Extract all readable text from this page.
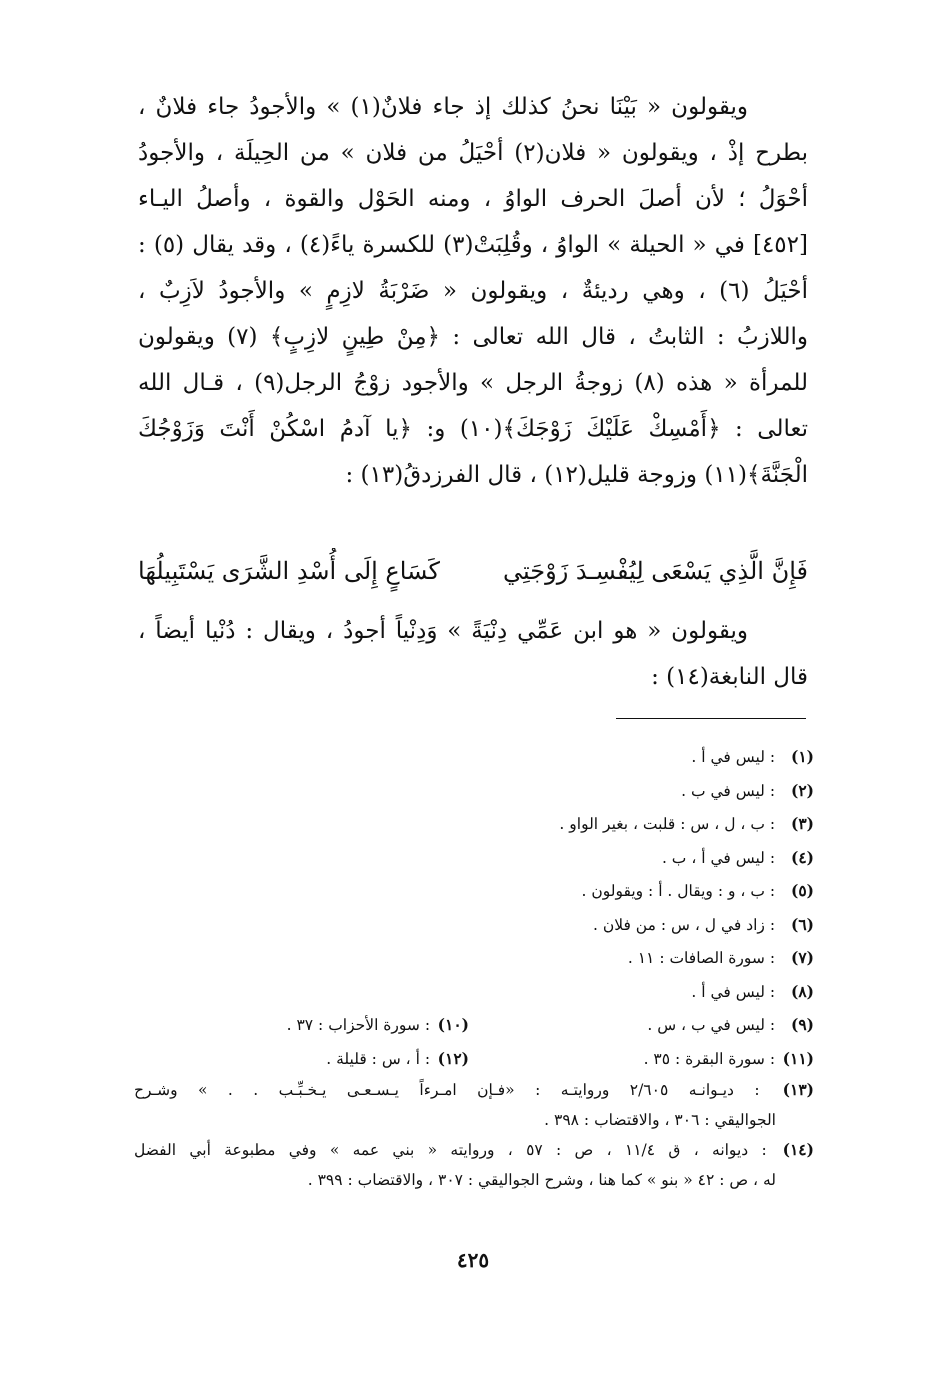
ويقولون « بَيْنَا نحنُ كذلك إذ جاء فلانٌ(١) » والأجودُ جاء فلانٌ ،
بطرح إذْ ، ويقولون « فلان(٢) أحْيَلُ من فلان » من الحِيلَة ، والأجودُ
أحْوَلُ ؛ لأن أصلَ الحرف الواوُ ، ومنه الحَوْل والقوة ، وأصلُ اليـاء
[٤٥٢] في « الحيلة » الواوُ ، وقُلِبَتْ(٣) للكسرة ياءً(٤) ، وقد يقال (٥) :
أحْيَلُ (٦) ، وهي رديئةٌ ، ويقولون « ضَرْبَةُ لازِمٍ » والأجودُ لاَزِبٌ ،
واللازبُ : الثابتُ ، قال الله تعالى : ﴿مِنْ طِينٍ لازِبٍ﴾ (٧) ويقولون
للمرأة « هذه (٨) زوجةُ الرجل » والأجود زوْجُ الرجل(٩) ، قـال الله
تعالى : ﴿أَمْسِكْ عَلَيْكَ زَوْجَكَ﴾(١٠) و: ﴿يا آدمُ اسْكُنْ أَنْتَ وَزَوْجُكَ
الْجَنَّةَ﴾(١١) وزوجة قليل(١٢) ، قال الفرزدقُ(١٣) :
فَإِنَّ الَّذِي يَسْعَى لِيُفْسِـدَ زَوْجَتِي
كَسَاعٍ إِلَى أُسْدِ الشَّرَى يَسْتَبِيلُهَا
ويقولون « هو ابن عَمِّي دِنْيَةً » وَدِنْياً أجودُ ، ويقال : دُنْيا أيضاً ،
قال النابغة(١٤) :
(١) : ليس في أ .
(٢) : ليس في ب .
(٣) : ب ، ل ، س : قلبت ، بغير الواو .
(٤) : ليس في أ ، ب .
(٥) : ب ، و : ويقال . أ : ويقولون .
(٦) : زاد في ل ، س : من فلان .
(٧) : سورة الصافات : ١١ .
(٨) : ليس في أ .
(٩) : ليس في ب ، س .
(١٠) : سورة الأحزاب : ٣٧ .
(١١) : سورة البقرة : ٣٥ .
(١٢) : أ ، س : قليلة .
(١٣) : ديـوانـه ٢/٦٠٥ وروايتـه : «فـإن امـرءاً يـسـعـى يـخـبِّـب . . » وشـرح
الجواليقي : ٣٠٦ ، والاقتضاب : ٣٩٨ .
(١٤) : ديوانه ، ق ١١/٤ ، ص : ٥٧ ، وروايته « بني عمه » وفي مطبوعة أبي الفضل
له ، ص : ٤٢ « بنو » كما هنا ، وشرح الجواليقي : ٣٠٧ ، والاقتضاب : ٣٩٩ .
٤٢٥
